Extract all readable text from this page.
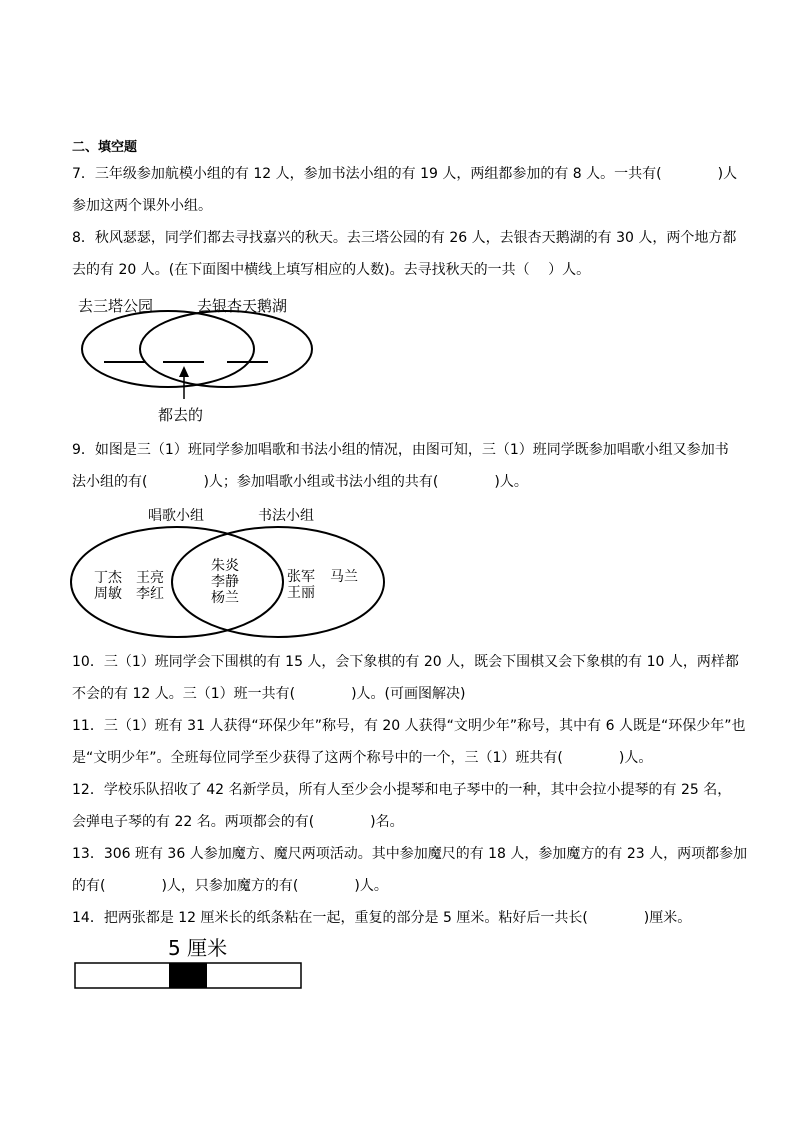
二、填空题
7．三年级参加航模小组的有 12 人，参加书法小组的有 19 人，两组都参加的有 8 人。一共有(　　　　)人
参加这两个课外小组。
8．秋风瑟瑟，同学们都去寻找嘉兴的秋天。去三塔公园的有 26 人，去银杏天鹅湖的有 30 人，两个地方都
去的有 20 人。(在下面图中横线上填写相应的人数)。去寻找秋天的一共（　 ）人。
去三塔公园	去银杏天鹅湖
都去的
9．如图是三（1）班同学参加唱歌和书法小组的情况，由图可知，三（1）班同学既参加唱歌小组又参加书
法小组的有(　　　　)人；参加唱歌小组或书法小组的共有(　　　　)人。
唱歌小组	书法小组
丁杰 王亮
周敏 李红
朱炎
李静
杨兰
张军 马兰
王丽
10．三（1）班同学会下围棋的有 15 人，会下象棋的有 20 人，既会下围棋又会下象棋的有 10 人，两样都
不会的有 12 人。三（1）班一共有(　　　　)人。(可画图解决)
11．三（1）班有 31 人获得“环保少年”称号，有 20 人获得“文明少年”称号，其中有 6 人既是“环保少年”也
是“文明少年”。全班每位同学至少获得了这两个称号中的一个，三（1）班共有(　　　　)人。
12．学校乐队招收了 42 名新学员，所有人至少会小提琴和电子琴中的一种，其中会拉小提琴的有 25 名，
会弹电子琴的有 22 名。两项都会的有(　　　　)名。
13．306 班有 36 人参加魔方、魔尺两项活动。其中参加魔尺的有 18 人，参加魔方的有 23 人，两项都参加
的有(　　　　)人，只参加魔方的有(　　　　)人。
14．把两张都是 12 厘米长的纸条粘在一起，重复的部分是 5 厘米。粘好后一共长(　　　　)厘米。
5 厘米
